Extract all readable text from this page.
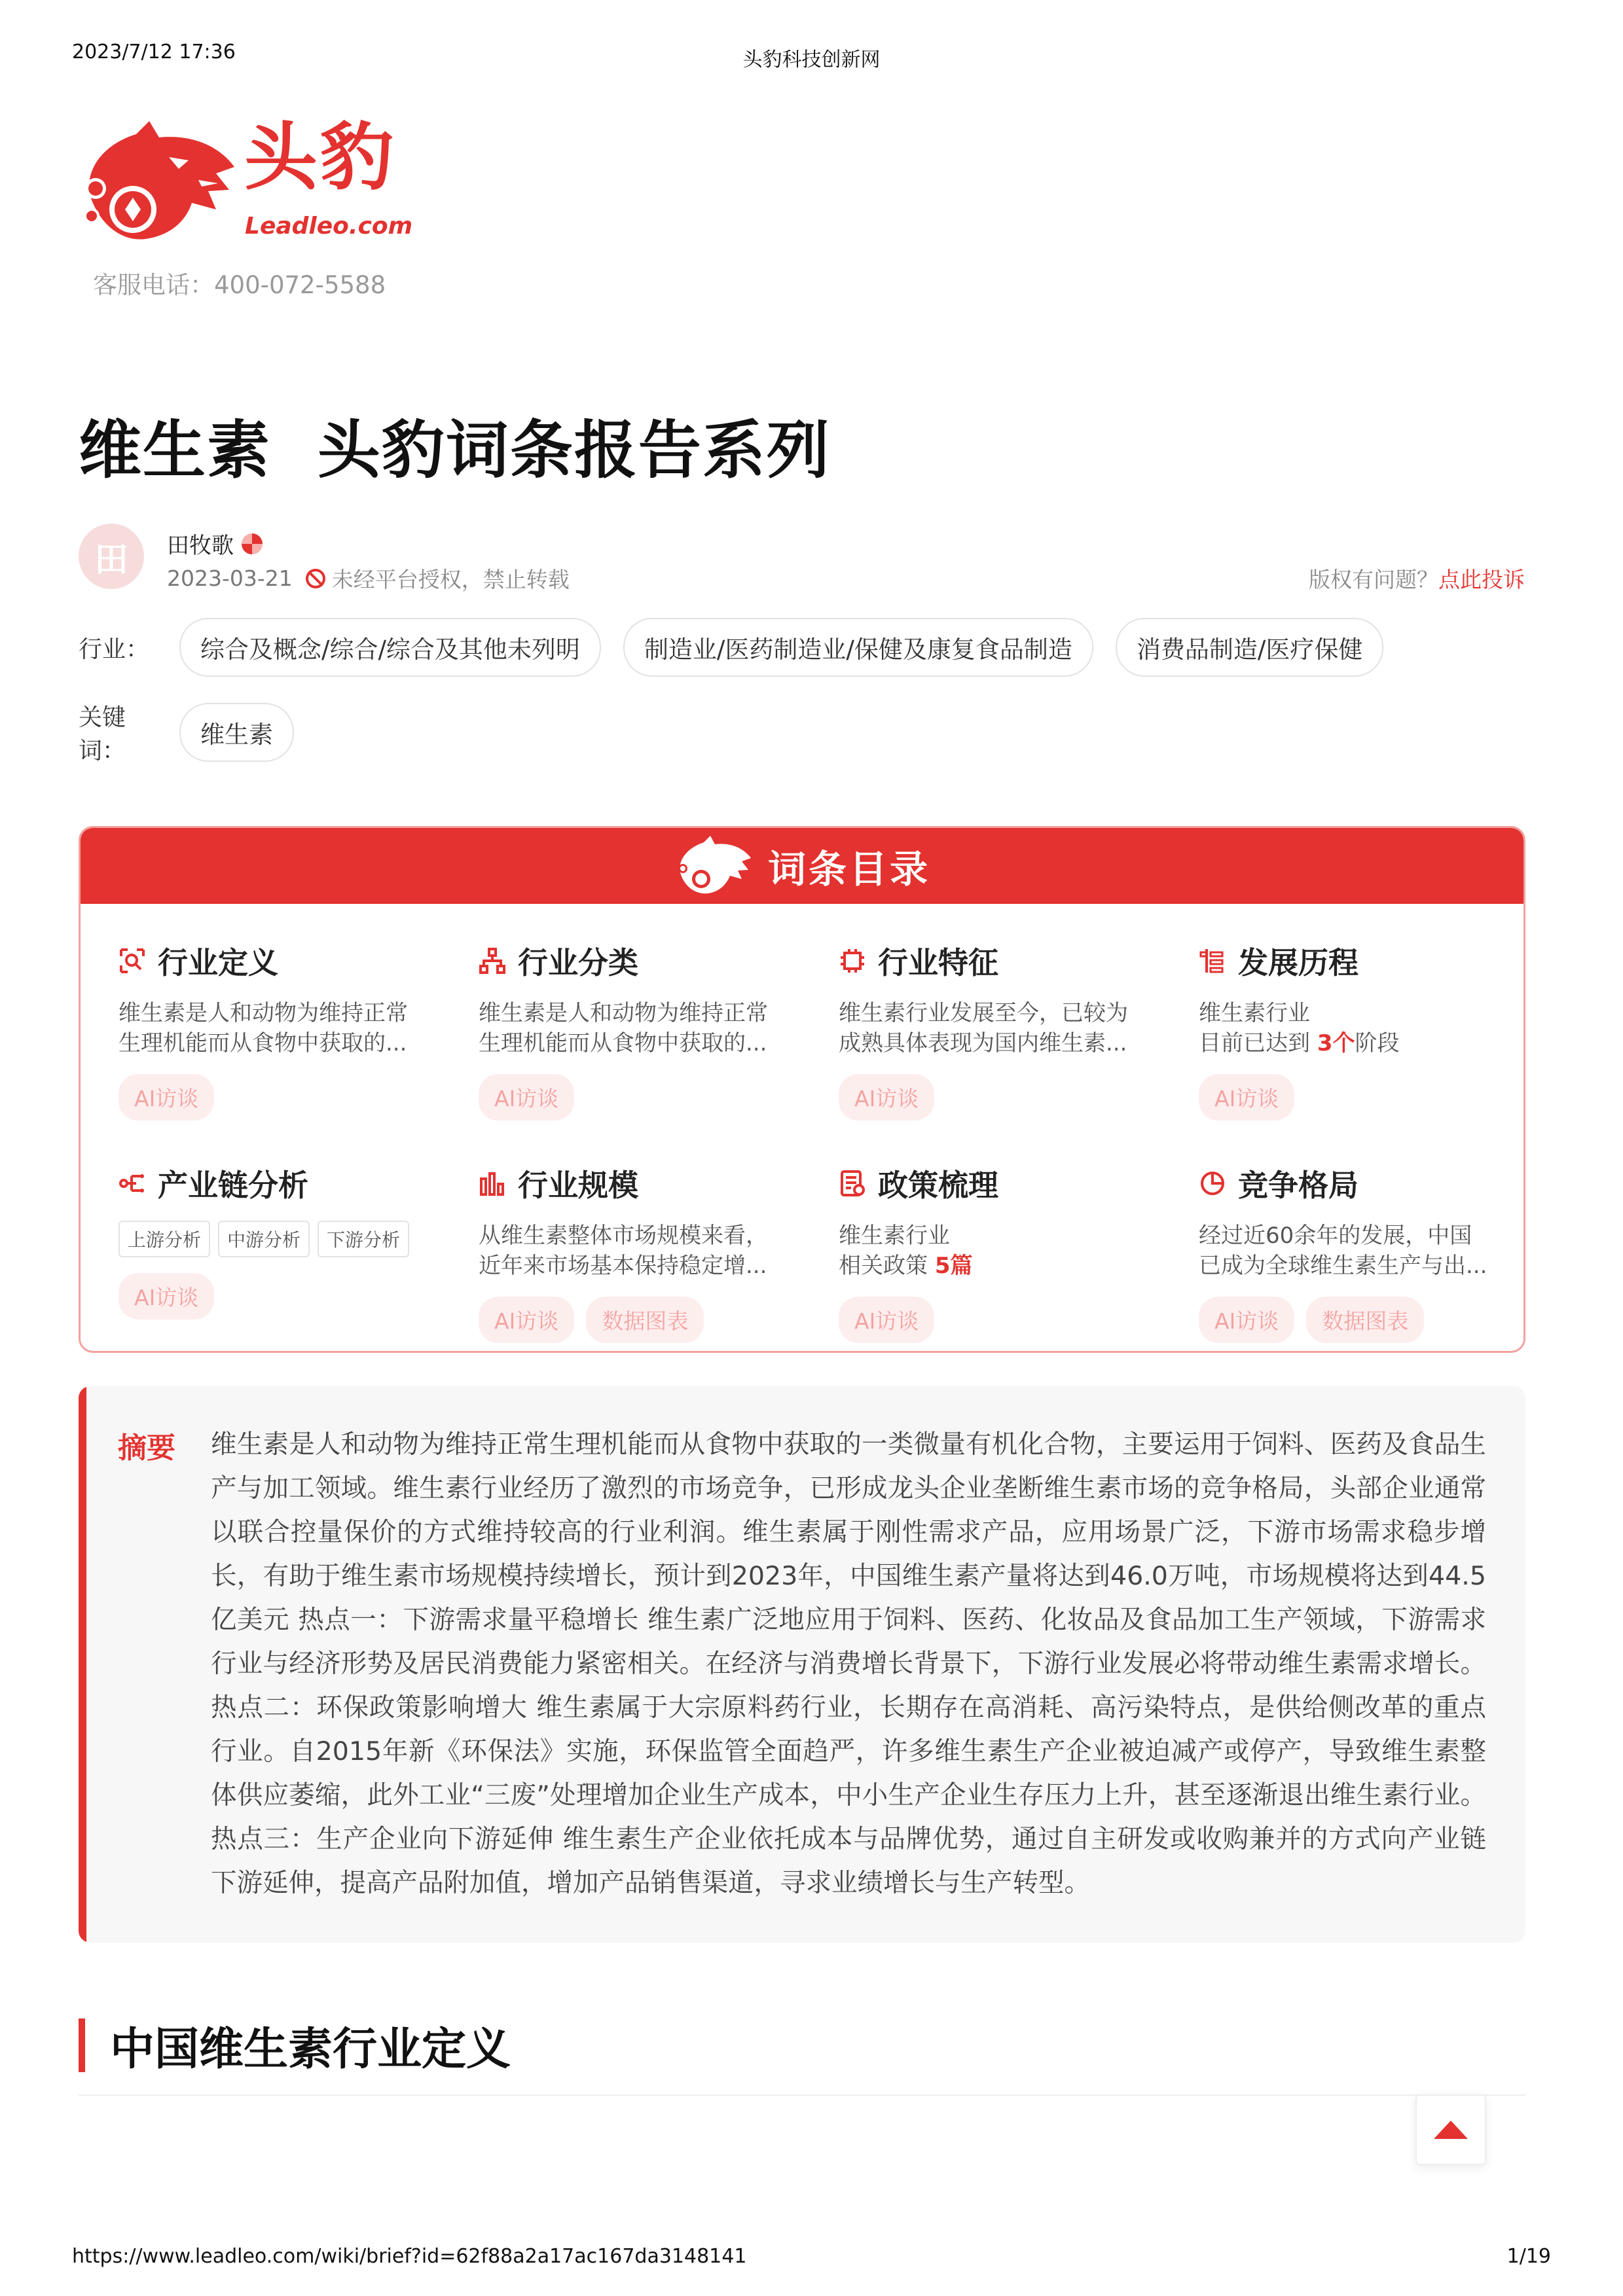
2023/7/12 17:36	头豹科技创新网
头豹
Leadleo.com
客服电话：400-072-5588
维生素  头豹词条报告系列
田	田牧歌
2023-03-21 未经平台授权，禁止转载	版权有问题？点此投诉
行业：	综合及概念/综合/综合及其他未列明	制造业/医药制造业/保健及康复食品制造	消费品制造/医疗保健
关键词：
维生素
词条目录
行业定义
维生素是人和动物为维持正常
生理机能而从食物中获取的...
AI访谈
行业分类
维生素是人和动物为维持正常
生理机能而从食物中获取的...
AI访谈
行业特征
维生素行业发展至今，已较为
成熟具体表现为国内维生素...
AI访谈
发展历程
维生素行业
目前已达到 3个阶段
AI访谈
产业链分析
上游分析	中游分析	下游分析
AI访谈
行业规模
从维生素整体市场规模来看，
近年来市场基本保持稳定增...
AI访谈	数据图表
政策梳理
维生素行业
相关政策 5篇
AI访谈
竞争格局
经过近60余年的发展，中国
已成为全球维生素生产与出...
AI访谈	数据图表
摘要 维生素是人和动物为维持正常生理机能而从食物中获取的一类微量有机化合物，主要运用于饲料、医药及食品生产与加工领域。维生素行业经历了激烈的市场竞争，已形成龙头企业垄断维生素市场的竞争格局，头部企业通常以联合控量保价的方式维持较高的行业利润。维生素属于刚性需求产品，应用场景广泛，下游市场需求稳步增长，有助于维生素市场规模持续增长，预计到2023年，中国维生素产量将达到46.0万吨，市场规模将达到44.5亿美元 热点一：下游需求量平稳增长 维生素广泛地应用于饲料、医药、化妆品及食品加工生产领域，下游需求行业与经济形势及居民消费能力紧密相关。在经济与消费增长背景下，下游行业发展必将带动维生素需求增长。 热点二：环保政策影响增大 维生素属于大宗原料药行业，长期存在高消耗、高污染特点，是供给侧改革的重点行业。自2015年新《环保法》实施，环保监管全面趋严，许多维生素生产企业被迫减产或停产，导致维生素整体供应萎缩，此外工业“三废”处理增加企业生产成本，中小生产企业生存压力上升，甚至逐渐退出维生素行业。 热点三：生产企业向下游延伸 维生素生产企业依托成本与品牌优势，通过自主研发或收购兼并的方式向产业链下游延伸，提高产品附加值，增加产品销售渠道，寻求业绩增长与生产转型。
中国维生素行业定义
https://www.leadleo.com/wiki/brief?id=62f88a2a17ac167da3148141	1/19
